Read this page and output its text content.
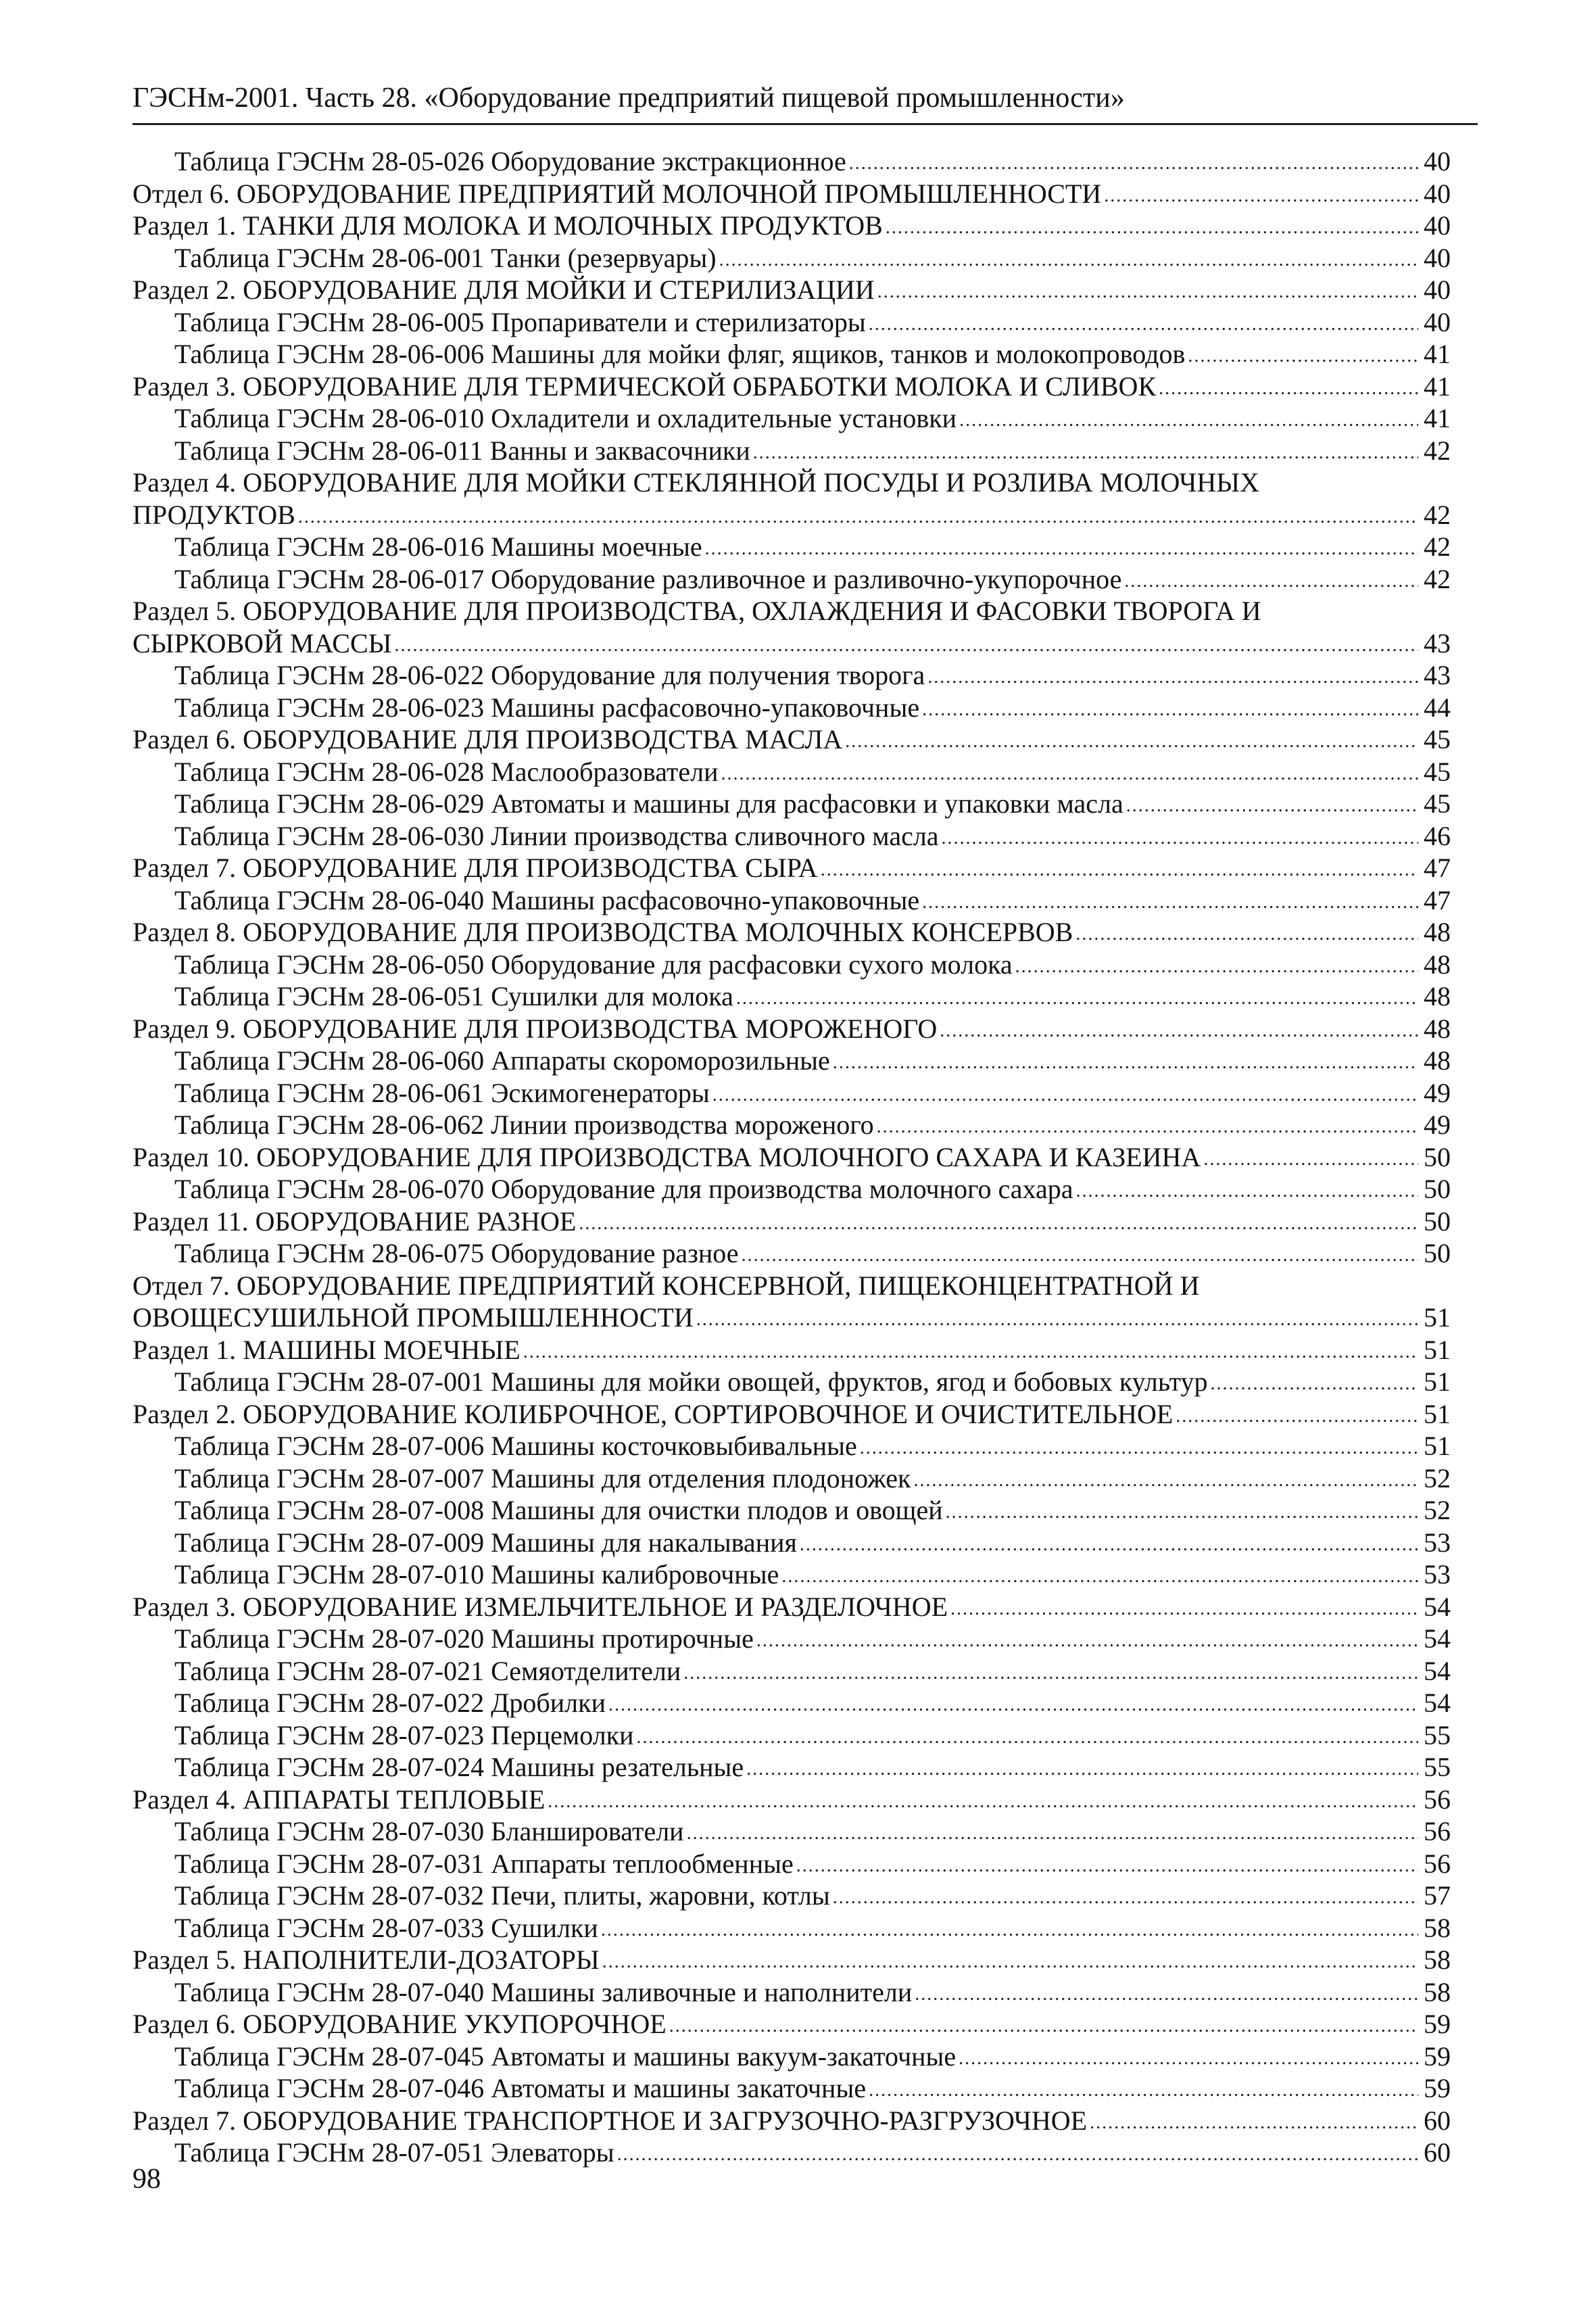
ГЭСНм-2001. Часть 28. «Оборудование предприятий пищевой промышленности»
Таблица ГЭСНм 28-05-026 Оборудование экстракционное .....	40
Отдел 6. ОБОРУДОВАНИЕ ПРЕДПРИЯТИЙ МОЛОЧНОЙ ПРОМЫШЛЕННОСТИ .....	40
Раздел 1. ТАНКИ ДЛЯ МОЛОКА И МОЛОЧНЫХ ПРОДУКТОВ .....	40
Таблица ГЭСНм 28-06-001 Танки (резервуары) .....	40
Раздел 2. ОБОРУДОВАНИЕ ДЛЯ МОЙКИ И СТЕРИЛИЗАЦИИ .....	40
Таблица ГЭСНм 28-06-005 Пропариватели и стерилизаторы .....	40
Таблица ГЭСНм 28-06-006 Машины для мойки фляг, ящиков, танков и молокопроводов .....	41
Раздел 3. ОБОРУДОВАНИЕ ДЛЯ ТЕРМИЧЕСКОЙ ОБРАБОТКИ МОЛОКА И СЛИВОК .....	41
Таблица ГЭСНм 28-06-010 Охладители и охладительные установки .....	41
Таблица ГЭСНм 28-06-011 Ванны и заквасочники .....	42
Раздел 4. ОБОРУДОВАНИЕ ДЛЯ МОЙКИ СТЕКЛЯННОЙ ПОСУДЫ И РОЗЛИВА МОЛОЧНЫХ
ПРОДУКТОВ .....	42
Таблица ГЭСНм 28-06-016 Машины моечные .....	42
Таблица ГЭСНм 28-06-017 Оборудование разливочное и разливочно-укупорочное .....	42
Раздел 5. ОБОРУДОВАНИЕ ДЛЯ ПРОИЗВОДСТВА, ОХЛАЖДЕНИЯ И ФАСОВКИ ТВОРОГА И
СЫРКОВОЙ МАССЫ .....	43
Таблица ГЭСНм 28-06-022 Оборудование для получения творога .....	43
Таблица ГЭСНм 28-06-023 Машины расфасовочно-упаковочные .....	44
Раздел 6. ОБОРУДОВАНИЕ ДЛЯ ПРОИЗВОДСТВА МАСЛА .....	45
Таблица ГЭСНм 28-06-028 Маслообразователи .....	45
Таблица ГЭСНм 28-06-029 Автоматы и машины для расфасовки и упаковки масла .....	45
Таблица ГЭСНм 28-06-030 Линии производства сливочного масла .....	46
Раздел 7. ОБОРУДОВАНИЕ ДЛЯ ПРОИЗВОДСТВА СЫРА .....	47
Таблица ГЭСНм 28-06-040 Машины расфасовочно-упаковочные .....	47
Раздел 8. ОБОРУДОВАНИЕ ДЛЯ ПРОИЗВОДСТВА МОЛОЧНЫХ КОНСЕРВОВ .....	48
Таблица ГЭСНм 28-06-050 Оборудование для расфасовки сухого молока .....	48
Таблица ГЭСНм 28-06-051 Сушилки для молока .....	48
Раздел 9. ОБОРУДОВАНИЕ ДЛЯ ПРОИЗВОДСТВА МОРОЖЕНОГО .....	48
Таблица ГЭСНм 28-06-060 Аппараты скороморозильные .....	48
Таблица ГЭСНм 28-06-061 Эскимогенераторы .....	49
Таблица ГЭСНм 28-06-062 Линии производства мороженого .....	49
Раздел 10. ОБОРУДОВАНИЕ ДЛЯ ПРОИЗВОДСТВА МОЛОЧНОГО САХАРА И КАЗЕИНА .....	50
Таблица ГЭСНм 28-06-070 Оборудование для производства молочного сахара .....	50
Раздел 11. ОБОРУДОВАНИЕ РАЗНОЕ .....	50
Таблица ГЭСНм 28-06-075 Оборудование разное .....	50
Отдел 7. ОБОРУДОВАНИЕ ПРЕДПРИЯТИЙ КОНСЕРВНОЙ, ПИЩЕКОНЦЕНТРАТНОЙ И
ОВОЩЕСУШИЛЬНОЙ ПРОМЫШЛЕННОСТИ .....	51
Раздел 1. МАШИНЫ МОЕЧНЫЕ .....	51
Таблица ГЭСНм 28-07-001 Машины для мойки овощей, фруктов, ягод и бобовых культур .....	51
Раздел 2. ОБОРУДОВАНИЕ КОЛИБРОЧНОЕ, СОРТИРОВОЧНОЕ И ОЧИСТИТЕЛЬНОЕ .....	51
Таблица ГЭСНм 28-07-006 Машины косточковыбивальные .....	51
Таблица ГЭСНм 28-07-007 Машины для отделения плодоножек .....	52
Таблица ГЭСНм 28-07-008 Машины для очистки плодов и овощей .....	52
Таблица ГЭСНм 28-07-009 Машины для накалывания .....	53
Таблица ГЭСНм 28-07-010 Машины калибровочные .....	53
Раздел 3. ОБОРУДОВАНИЕ ИЗМЕЛЬЧИТЕЛЬНОЕ И РАЗДЕЛОЧНОЕ .....	54
Таблица ГЭСНм 28-07-020 Машины протирочные .....	54
Таблица ГЭСНм 28-07-021 Семяотделители .....	54
Таблица ГЭСНм 28-07-022 Дробилки .....	54
Таблица ГЭСНм 28-07-023 Перцемолки .....	55
Таблица ГЭСНм 28-07-024 Машины резательные .....	55
Раздел 4. АППАРАТЫ ТЕПЛОВЫЕ .....	56
Таблица ГЭСНм 28-07-030 Бланширователи .....	56
Таблица ГЭСНм 28-07-031 Аппараты теплообменные .....	56
Таблица ГЭСНм 28-07-032 Печи, плиты, жаровни, котлы .....	57
Таблица ГЭСНм 28-07-033 Сушилки .....	58
Раздел 5. НАПОЛНИТЕЛИ-ДОЗАТОРЫ .....	58
Таблица ГЭСНм 28-07-040 Машины заливочные и наполнители .....	58
Раздел 6. ОБОРУДОВАНИЕ УКУПОРОЧНОЕ .....	59
Таблица ГЭСНм 28-07-045 Автоматы и машины вакуум-закаточные .....	59
Таблица ГЭСНм 28-07-046 Автоматы и машины закаточные .....	59
Раздел 7. ОБОРУДОВАНИЕ ТРАНСПОРТНОЕ И ЗАГРУЗОЧНО-РАЗГРУЗОЧНОЕ .....	60
Таблица ГЭСНм 28-07-051 Элеваторы .....	60
98
